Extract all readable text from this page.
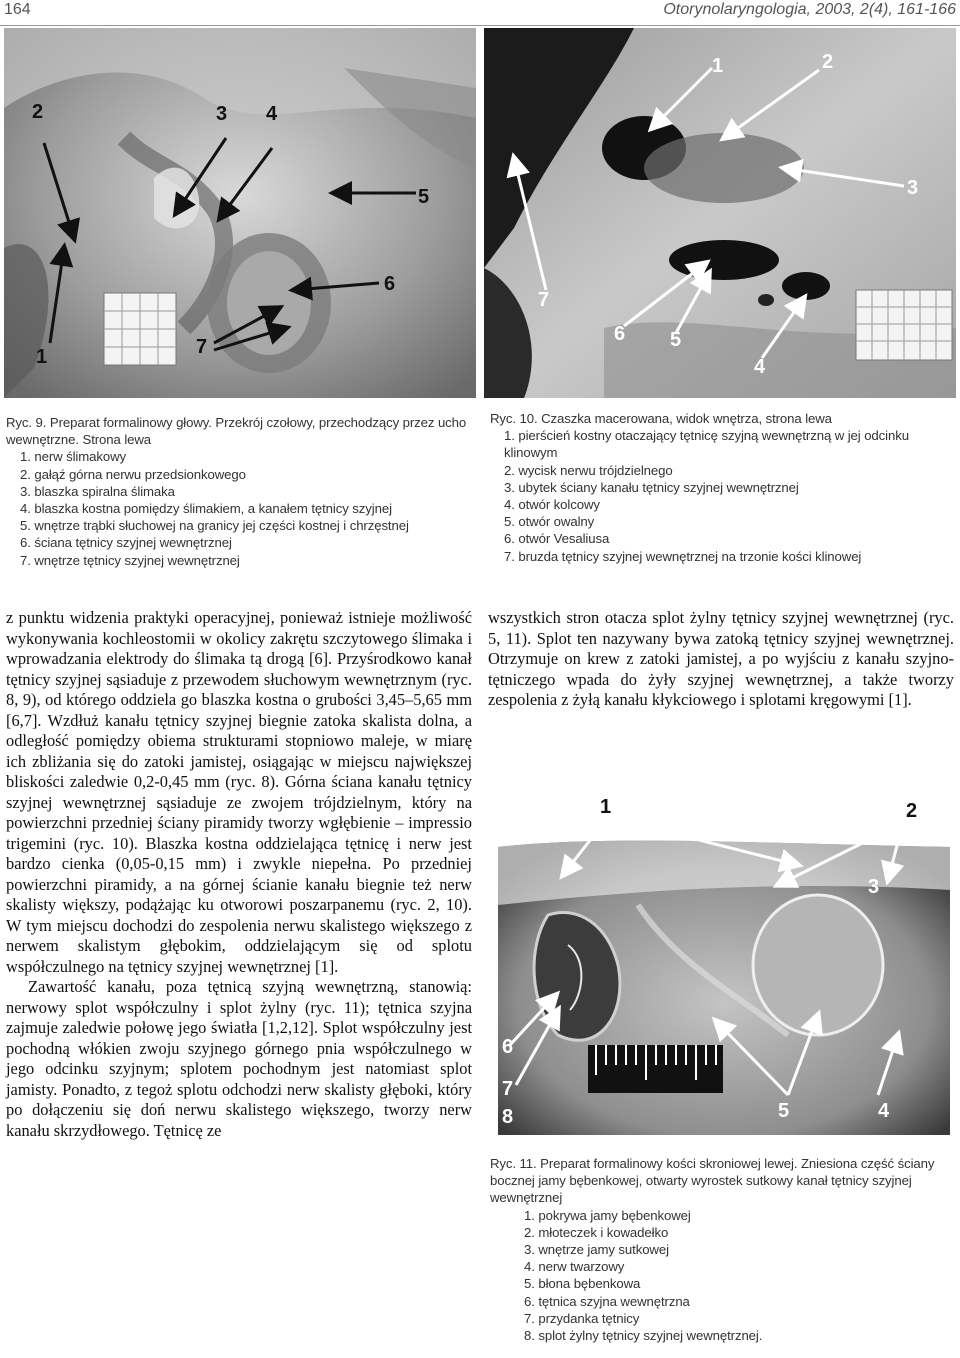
164	Otorynolaryngologia, 2003, 2(4), 161-166
1
2	3 4
5
6
7
1	2
3
4
5
6
7
Ryc. 9. Preparat formalinowy głowy. Przekrój czołowy, przechodzący przez ucho wewnętrzne. Strona lewa
1. nerw ślimakowy
2. gałąź górna nerwu przedsionkowego
3. blaszka spiralna ślimaka
4. blaszka kostna pomiędzy ślimakiem, a kanałem tętnicy szyjnej
5. wnętrze trąbki słuchowej na granicy jej części kostnej i chrzęstnej
6. ściana tętnicy szyjnej wewnętrznej
7. wnętrze tętnicy szyjnej wewnętrznej
Ryc. 10. Czaszka macerowana, widok wnętrza, strona lewa
1. pierścień kostny otaczający tętnicę szyjną wewnętrzną w jej odcinku klinowym
2. wycisk nerwu trójdzielnego
3. ubytek ściany kanału tętnicy szyjnej wewnętrznej
4. otwór kolcowy
5. otwór owalny
6. otwór Vesaliusa
7. bruzda tętnicy szyjnej wewnętrznej na trzonie kości klinowej

z punktu widzenia praktyki operacyjnej, ponieważ istnieje możliwość wykonywania kochleostomii w okolicy zakrętu szczytowego ślimaka i wprowadzania elektrody do ślimaka tą drogą [6]. Przyśrodkowo kanał tętnicy szyjnej sąsiaduje z przewodem słuchowym wewnętrznym (ryc. 8, 9), od którego oddziela go blaszka kostna o grubości 3,45–5,65 mm [6,7]. Wzdłuż kanału tętnicy szyjnej biegnie zatoka skalista dolna, a odległość pomiędzy obiema strukturami stopniowo maleje, w miarę ich zbliżania się do zatoki jamistej, osiągając w miejscu największej bliskości zaledwie 0,2-0,45 mm (ryc. 8). Górna ściana kanału tętnicy szyjnej wewnętrznej sąsiaduje ze zwojem trójdzielnym, który na powierzchni przedniej ściany piramidy tworzy wgłębienie – impressio trigemini (ryc. 10). Blaszka kostna oddzielająca tętnicę i nerw jest bardzo cienka (0,05-0,15 mm) i zwykle niepełna. Po przedniej powierzchni piramidy, a na górnej ścianie kanału biegnie też nerw skalisty większy, podążając ku otworowi poszarpanemu (ryc. 2, 10). W tym miejscu dochodzi do zespolenia nerwu skalistego większego z nerwem skalistym głębokim, oddzielającym się od splotu współczulnego na tętnicy szyjnej wewnętrznej [1].

Zawartość kanału, poza tętnicą szyjną wewnętrzną, stanowią: nerwowy splot współczulny i splot żylny (ryc. 11); tętnica szyjna zajmuje zaledwie połowę jego światła [1,2,12]. Splot współczulny jest pochodną włókien zwoju szyjnego górnego pnia współczulnego w jego odcinku szyjnym; splotem pochodnym jest natomiast splot jamisty. Ponadto, z tegoż splotu odchodzi nerw skalisty głęboki, który po dołączeniu się doń nerwu skalistego większego, tworzy nerw kanału skrzydłowego. Tętnicę ze

wszystkich stron otacza splot żylny tętnicy szyjnej wewnętrznej (ryc. 5, 11). Splot ten nazywany bywa zatoką tętnicy szyjnej wewnętrznej. Otrzymuje on krew z zatoki jamistej, a po wyjściu z kanału szyjno-tętniczego wpada do żyły szyjnej wewnętrznej, a także tworzy zespolenia z żyłą kanału kłykciowego i splotami kręgowymi [1].

1	2
3
4
5
6
7
8
Ryc. 11. Preparat formalinowy kości skroniowej lewej. Zniesiona część ściany bocznej jamy bębenkowej, otwarty wyrostek sutkowy kanał tętnicy szyjnej wewnętrznej
1. pokrywa jamy bębenkowej
2. młoteczek i kowadełko
3. wnętrze jamy sutkowej
4. nerw twarzowy
5. błona bębenkowa
6. tętnica szyjna wewnętrzna
7. przydanka tętnicy
8. splot żylny tętnicy szyjnej wewnętrznej.
